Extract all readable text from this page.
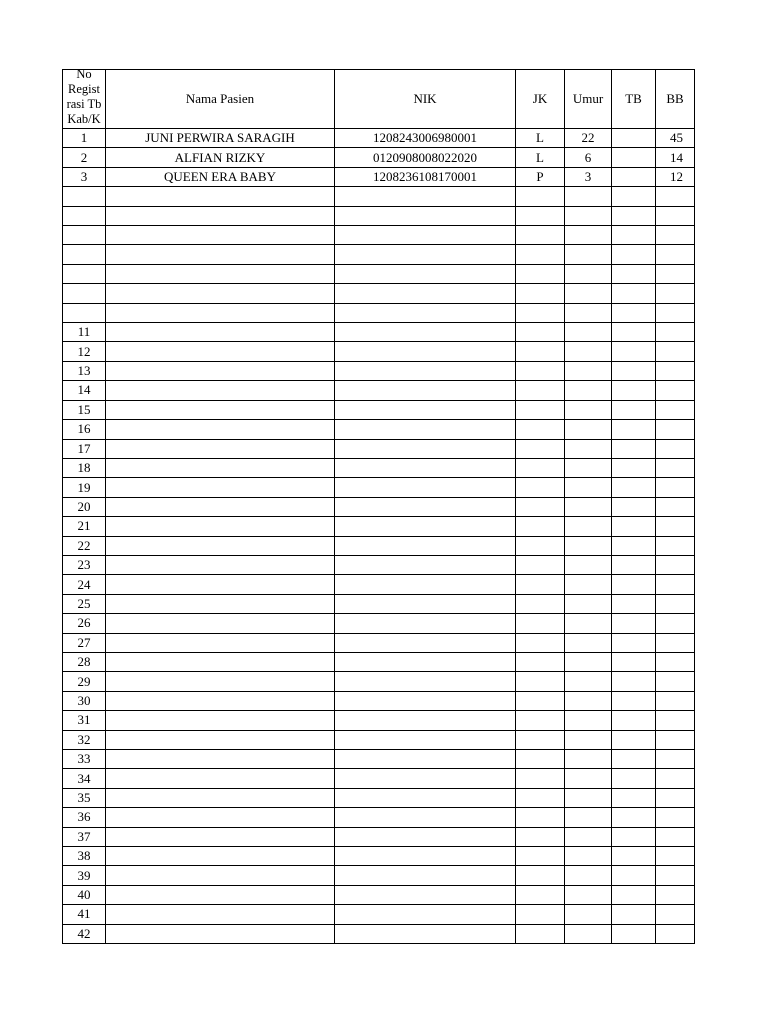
No
Regist
rasi Tb
Kab/K	Nama Pasien	NIK	JK	Umur	TB	BB
1	JUNI PERWIRA SARAGIH	1208243006980001	L	22		45
2	ALFIAN RIZKY	0120908008022020	L	6		14
3	QUEEN ERA BABY	1208236108170001	P	3		12

11						
12						
13						
14						
15						
16						
17						
18						
19						
20						
21						
22						
23						
24						
25						
26						
27						
28						
29						
30						
31						
32						
33						
34						
35						
36						
37						
38						
39						
40						
41						
42						
